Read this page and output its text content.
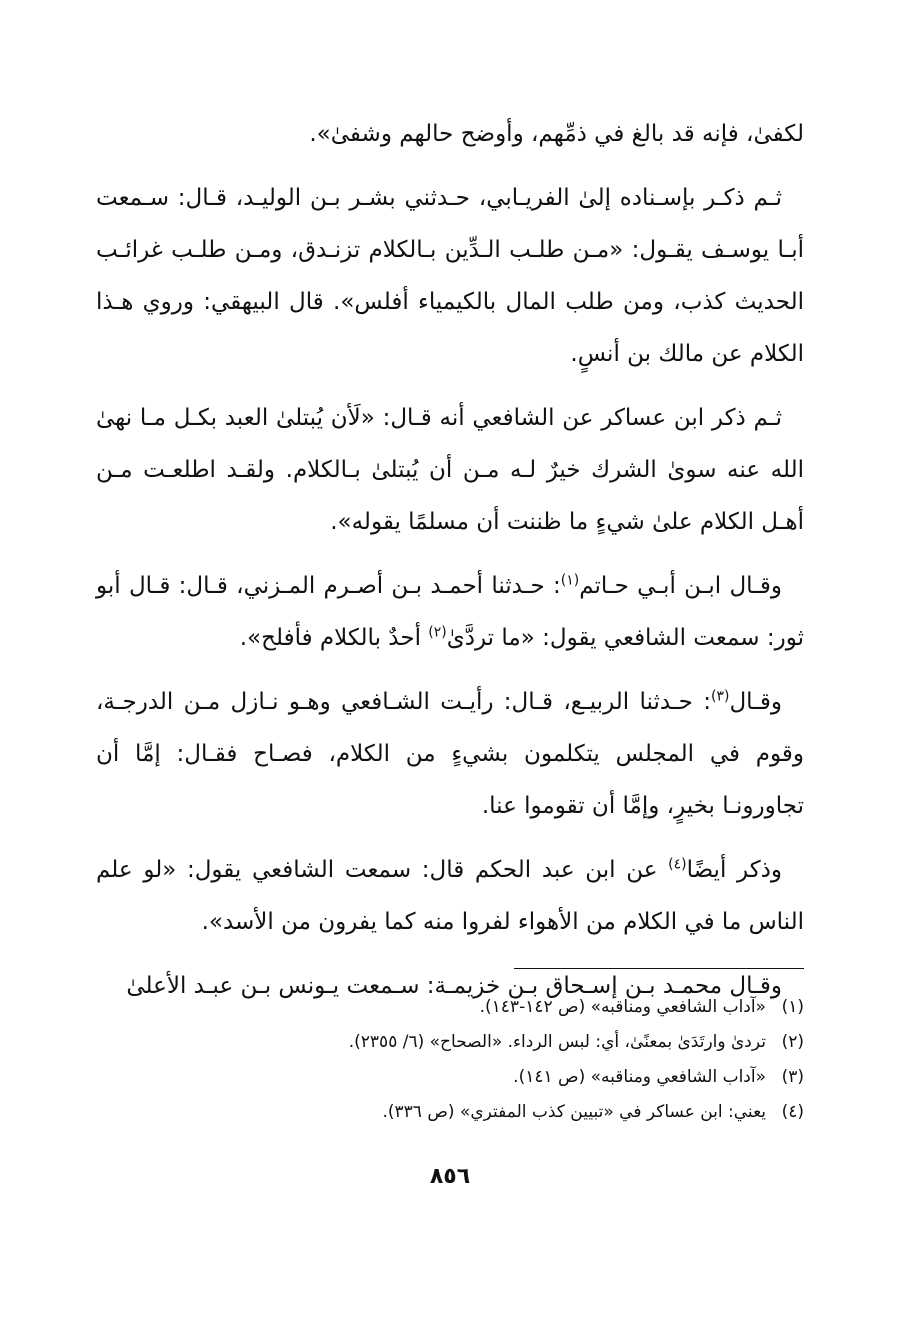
لكفىٰ، فإنه قد بالغ في ذمِّهم، وأوضح حالهم وشفىٰ».

ثـم ذكـر بإسـناده إلىٰ الفريـابي، حـدثني بشـر بـن الوليـد، قـال: سـمعت أبـا يوسـف يقـول: «مـن طلـب الـدِّين بـالكلام تزنـدق، ومـن طلـب غرائـب الحديث كذب، ومن طلب المال بالكيمياء أفلس». قال البيهقي: وروي هـذا الكلام عن مالك بن أنسٍ.

ثـم ذكر ابن عساكر عن الشافعي أنه قـال: «لَأن يُبتلىٰ العبد بكـل مـا نهىٰ الله عنه سوىٰ الشرك خيرٌ لـه مـن أن يُبتلىٰ بـالكلام. ولقـد اطلعـت مـن أهـل الكلام علىٰ شيءٍ ما ظننت أن مسلمًا يقوله».

وقـال ابـن أبـي حـاتم$^{(١)}$: حـدثنا أحمـد بـن أصـرم المـزني، قـال: قـال أبو ثور: سمعت الشافعي يقول: «ما تردَّىٰ$^{(٢)}$ أحدٌ بالكلام فأفلح».

وقـال$^{(٣)}$: حـدثنا الربيـع، قـال: رأيـت الشـافعي وهـو نـازل مـن الدرجـة، وقوم في المجلس يتكلمون بشيءٍ من الكلام، فصـاح فقـال: إمَّا أن تجاورونـا بخيرٍ، وإمَّا أن تقوموا عنا.

وذكر أيضًا$^{(٤)}$ عن ابن عبد الحكم قال: سمعت الشافعي يقول: «لو علم الناس ما في الكلام من الأهواء لفروا منه كما يفرون من الأسد».

وقـال محمـد بـن إسـحاق بـن خزيمـة: سـمعت يـونس بـن عبـد الأعلىٰ

(١)«آداب الشافعي ومناقبه» (ص ١٤٢-١٤٣).

(٢)تردىٰ وارتَدَىٰ بمعنًىٰ، أي: لبس الرداء. «الصحاح» (٦/ ٢٣٥٥).

(٣)«آداب الشافعي ومناقبه» (ص ١٤١).

(٤)يعني: ابن عساكر في «تبيين كذب المفتري» (ص ٣٣٦).

٨٥٦
